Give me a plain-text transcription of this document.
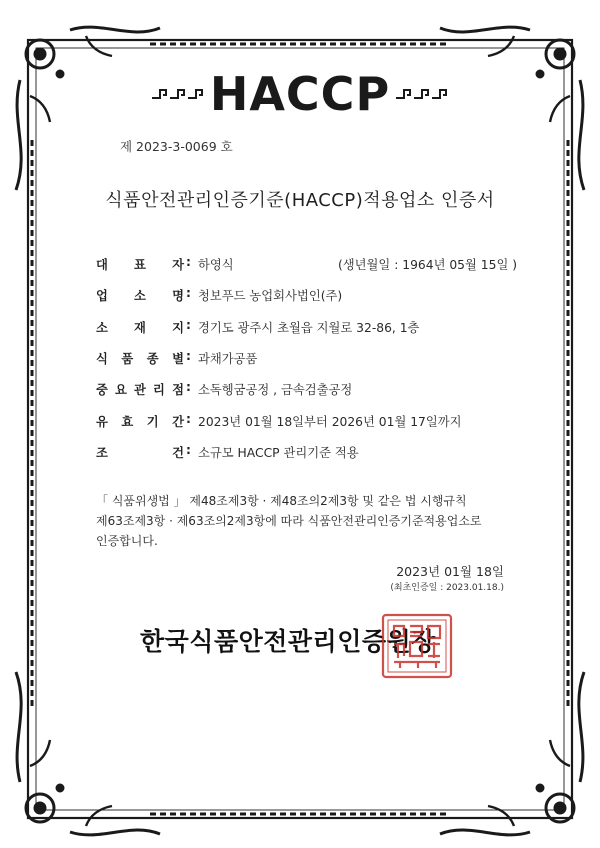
HACCP
제 2023-3-0069 호
식품안전관리인증기준(HACCP)적용업소 인증서
대 표 자 : 하영식	(생년월일 : 1964년 05월 15일 )
업 소 명 : 청보푸드 농업회사법인(주)
소 재 지 : 경기도 광주시 초월읍 지월로 32-86, 1층
식 품 종 별 : 과채가공품
중 요 관 리 점 : 소독헹굼공정 , 금속검출공정
유 효 기 간 : 2023년 01월 18일부터 2026년 01월 17일까지
조	건 : 소규모 HACCP 관리기준 적용
「 식품위생법 」 제48조제3항 · 제48조의2제3항 및 같은 법 시행규칙
제63조제3항 · 제63조의2제3항에 따라 식품안전관리인증기준적용업소로
인증합니다.
2023년 01월 18일
(최초인증일 : 2023.01.18.)
한국식품안전관리인증원장
